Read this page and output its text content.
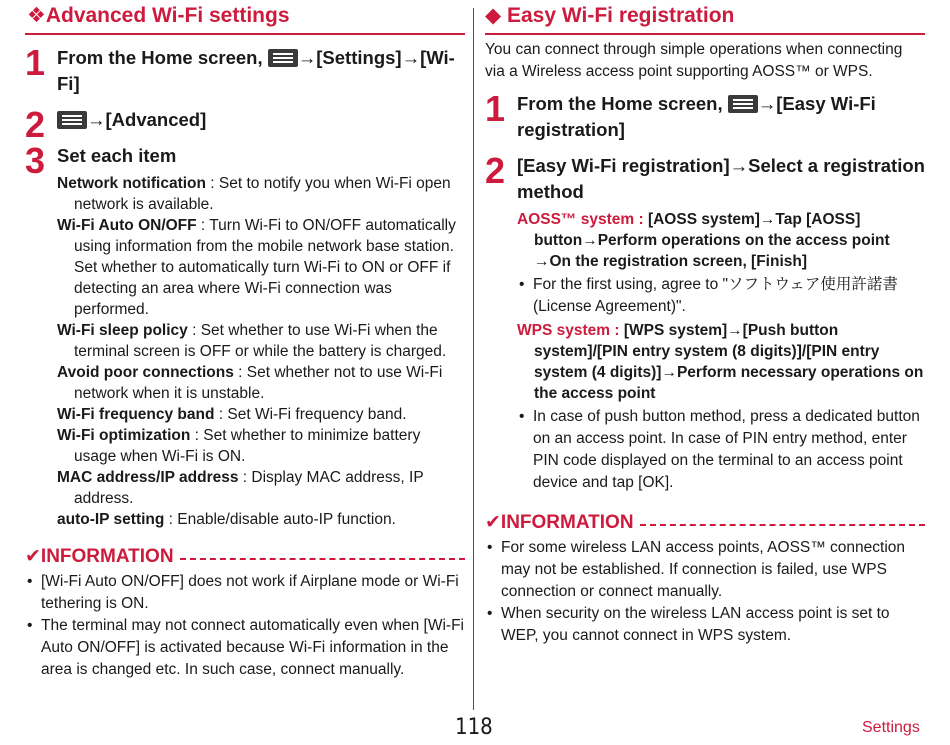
❖Advanced Wi-Fi settings
1 From the Home screen,
→[Settings]→[Wi-Fi]
2	→[Advanced]
3 Set each item
Network notification : Set to notify you when Wi-Fi open network is available.
Wi-Fi Auto ON/OFF : Turn Wi-Fi to ON/OFF automatically using information from the mobile network base station. Set whether to automatically turn Wi-Fi to ON or OFF if detecting an area where Wi-Fi connection was performed.
Wi-Fi sleep policy : Set whether to use Wi-Fi when the terminal screen is OFF or while the battery is charged.
Avoid poor connections : Set whether not to use Wi-Fi network when it is unstable.
Wi-Fi frequency band : Set Wi-Fi frequency band.
Wi-Fi optimization : Set whether to minimize battery usage when Wi-Fi is ON.
MAC address/IP address : Display MAC address, IP address.
auto-IP setting : Enable/disable auto-IP function.
✔ INFORMATION
• [Wi-Fi Auto ON/OFF] does not work if Airplane mode or Wi-Fi tethering is ON.
• The terminal may not connect automatically even when [Wi-Fi Auto ON/OFF] is activated because Wi-Fi information in the area is changed etc. In such case, connect manually.
◆ Easy Wi-Fi registration
You can connect through simple operations when connecting via a Wireless access point supporting AOSS™ or WPS.
1 From the Home screen,
→[Easy Wi-Fi registration]
2 [Easy Wi-Fi registration]→Select a registration method
AOSS™ system : [AOSS system]→Tap [AOSS] button→Perform operations on the access point →On the registration screen, [Finish]
• For the first using, agree to "ソフトウェア使用許諾書 (License Agreement)".
WPS system : [WPS system]→[Push button system]/[PIN entry system (8 digits)]/[PIN entry system (4 digits)]→Perform necessary operations on the access point
• In case of push button method, press a dedicated button on an access point. In case of PIN entry method, enter PIN code displayed on the terminal to an access point device and tap [OK].
✔ INFORMATION
• For some wireless LAN access points, AOSS™ connection may not be established. If connection is failed, use WPS connection or connect manually.
• When security on the wireless LAN access point is set to WEP, you cannot connect in WPS system.
118	Settings
